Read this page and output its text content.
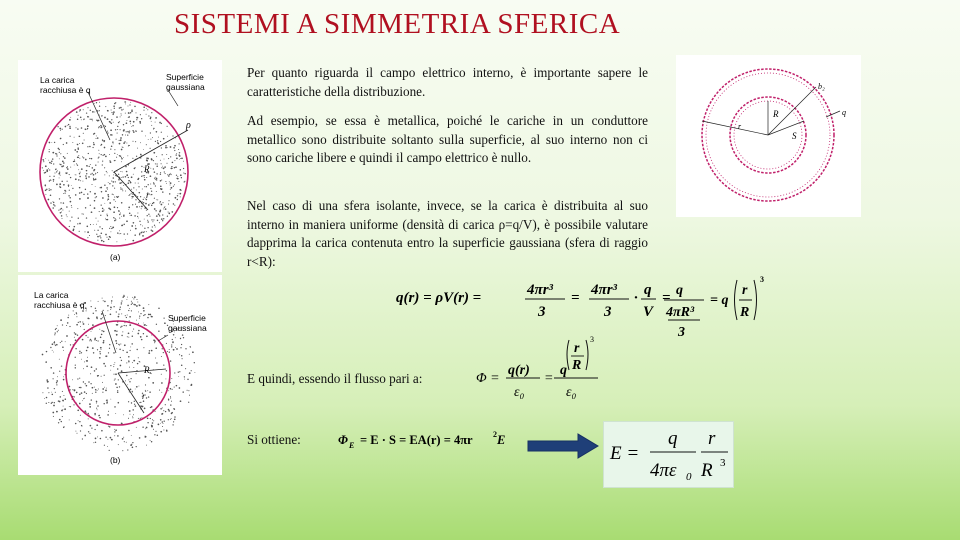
SISTEMI A SIMMETRIA SFERICA
La carica
racchiusa è q
Superficie
gaussiana
ρ
R
r
(a)
La carica
racchiusa è q'
Superficie
gaussiana
R
r
(b)
R
S
r
q
b₂

Per quanto riguarda il campo elettrico interno, è importante sapere le caratteristiche della distribuzione.

Ad esempio, se essa è metallica, poiché le cariche in un conduttore metallico sono distribuite soltanto sulla superficie, al suo interno non ci sono cariche libere e quindi il campo elettrico è nullo.

Nel caso di una sfera isolante, invece, se la carica è distribuita al suo interno in maniera uniforme (densità di carica ρ=q/V), è possibile valutare dapprima la carica contenuta entro la superficie gaussiana (sfera di raggio r<R):

q(r) = ρV(r) =	4πr³
3
= 4πr³
3
· q
V
=

E quindi, essendo il flusso pari a:	Φ =
q(r)
ε₀
=
q
r
R
3
ε₀

Si ottiene:	Φ E = E · S = EA(r) = 4πr	2 E
E =
q
4πε 0
r
R 3
q
4πR³
3
= q
r
R
3
